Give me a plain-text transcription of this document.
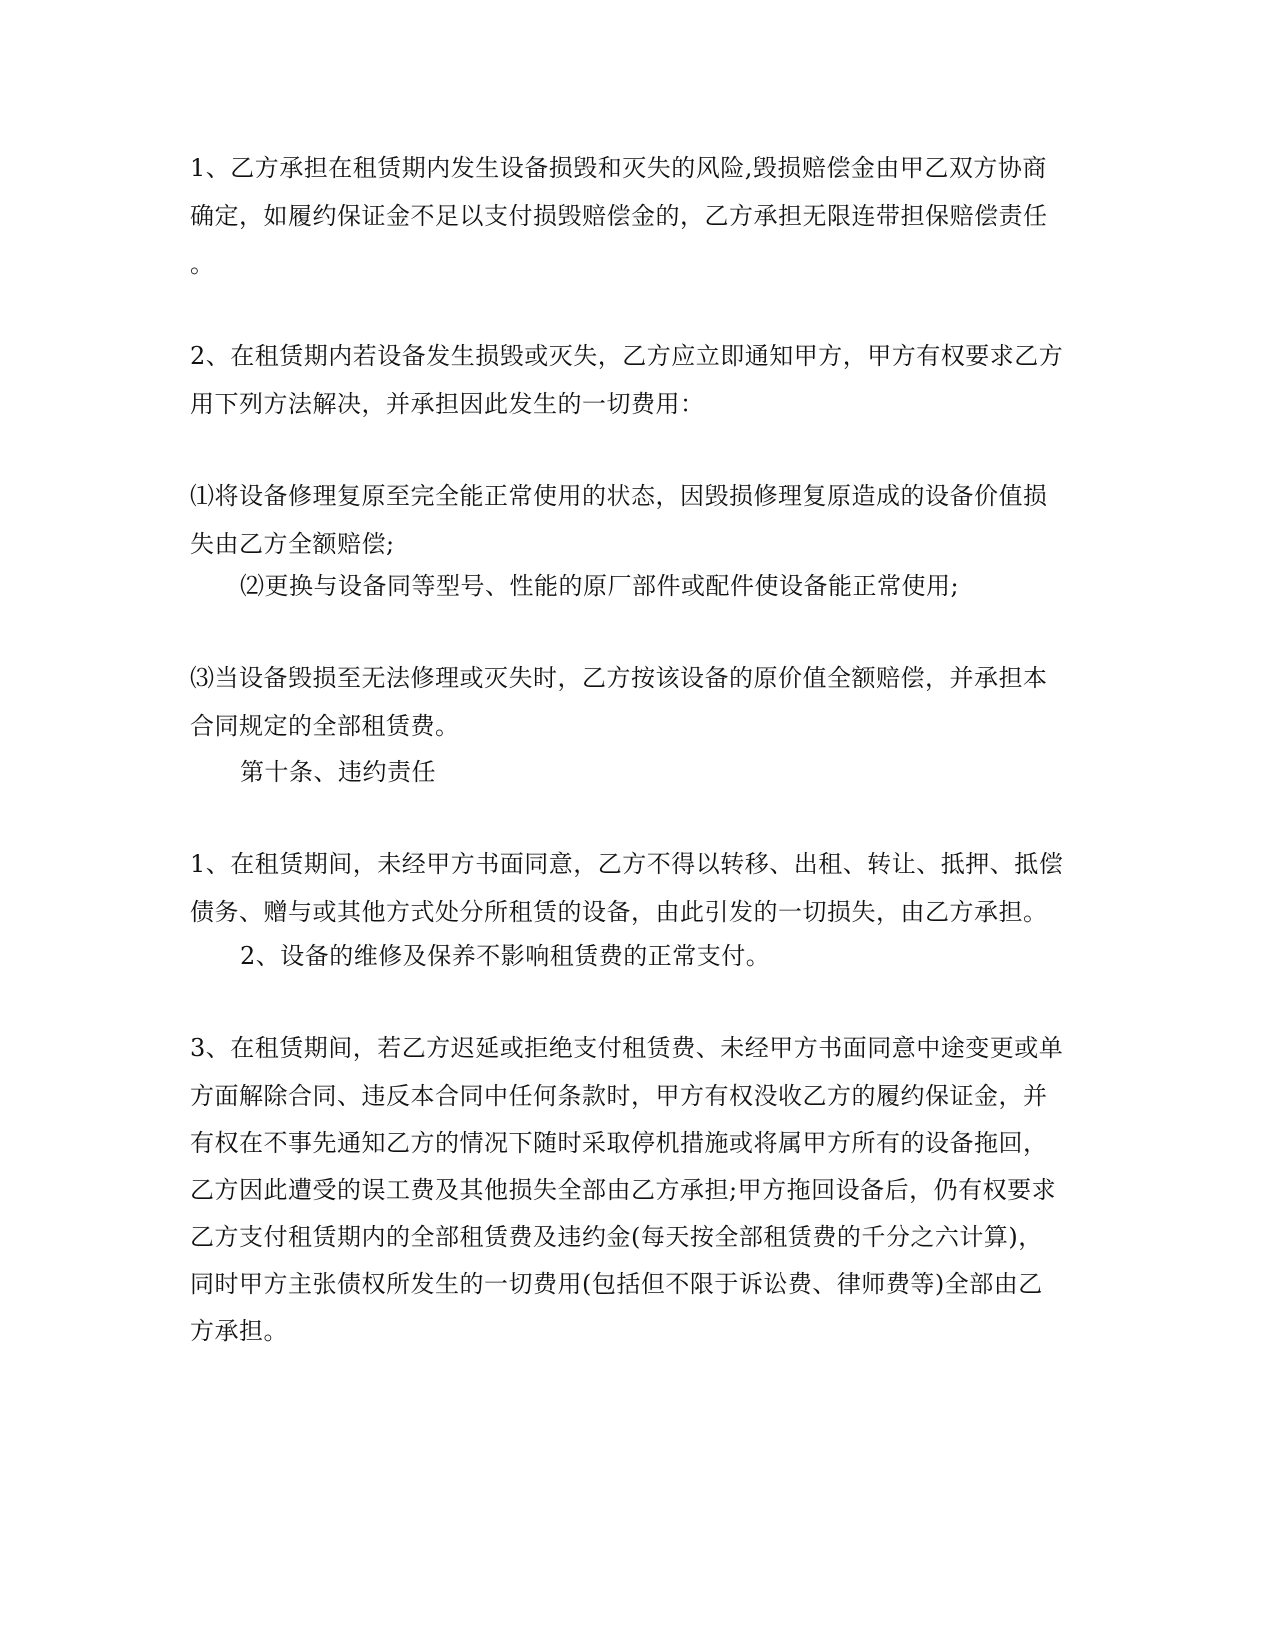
1、乙方承担在租赁期内发生设备损毁和灭失的风险,毁损赔偿金由甲乙双方协商
确定，如履约保证金不足以支付损毁赔偿金的，乙方承担无限连带担保赔偿责任
。
2、在租赁期内若设备发生损毁或灭失，乙方应立即通知甲方，甲方有权要求乙方
用下列方法解决，并承担因此发生的一切费用：
⑴将设备修理复原至完全能正常使用的状态，因毁损修理复原造成的设备价值损
失由乙方全额赔偿;
⑵更换与设备同等型号、性能的原厂部件或配件使设备能正常使用;
⑶当设备毁损至无法修理或灭失时，乙方按该设备的原价值全额赔偿，并承担本
合同规定的全部租赁费。
第十条、违约责任
1、在租赁期间，未经甲方书面同意，乙方不得以转移、出租、转让、抵押、抵偿
债务、赠与或其他方式处分所租赁的设备，由此引发的一切损失，由乙方承担。
2、设备的维修及保养不影响租赁费的正常支付。
3、在租赁期间，若乙方迟延或拒绝支付租赁费、未经甲方书面同意中途变更或单
方面解除合同、违反本合同中任何条款时，甲方有权没收乙方的履约保证金，并
有权在不事先通知乙方的情况下随时采取停机措施或将属甲方所有的设备拖回，
乙方因此遭受的误工费及其他损失全部由乙方承担;甲方拖回设备后，仍有权要求
乙方支付租赁期内的全部租赁费及违约金(每天按全部租赁费的千分之六计算)，
同时甲方主张债权所发生的一切费用(包括但不限于诉讼费、律师费等)全部由乙
方承担。
